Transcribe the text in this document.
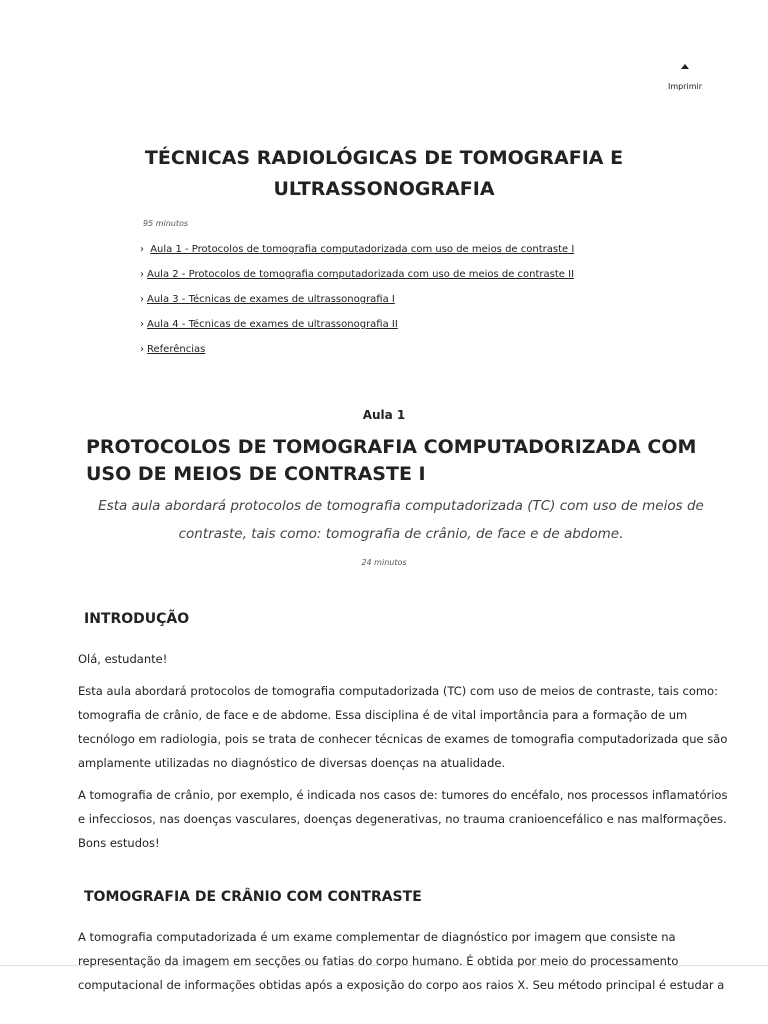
Imprimir
TÉCNICAS RADIOLÓGICAS DE TOMOGRAFIA E ULTRASSONOGRAFIA
95 minutos
› Aula 1 - Protocolos de tomografia computadorizada com uso de meios de contraste I
› Aula 2 - Protocolos de tomografia computadorizada com uso de meios de contraste II
› Aula 3 - Técnicas de exames de ultrassonografia I
› Aula 4 - Técnicas de exames de ultrassonografia II
› Referências
Aula 1
PROTOCOLOS DE TOMOGRAFIA COMPUTADORIZADA COM USO DE MEIOS DE CONTRASTE I

Esta aula abordará protocolos de tomografia computadorizada (TC) com uso de meios de contraste, tais como: tomografia de crânio, de face e de abdome.

24 minutos
INTRODUÇÃO

Olá, estudante!

Esta aula abordará protocolos de tomografia computadorizada (TC) com uso de meios de contraste, tais como: tomografia de crânio, de face e de abdome. Essa disciplina é de vital importância para a formação de um tecnólogo em radiologia, pois se trata de conhecer técnicas de exames de tomografia computadorizada que são amplamente utilizadas no diagnóstico de diversas doenças na atualidade.

A tomografia de crânio, por exemplo, é indicada nos casos de: tumores do encéfalo, nos processos inflamatórios e infecciosos, nas doenças vasculares, doenças degenerativas, no trauma cranioencefálico e nas malformações. Bons estudos!

TOMOGRAFIA DE CRÂNIO COM CONTRASTE

A tomografia computadorizada é um exame complementar de diagnóstico por imagem que consiste na representação da imagem em secções ou fatias do corpo humano. É obtida por meio do processamento computacional de informações obtidas após a exposição do corpo aos raios X. Seu método principal é estudar a
